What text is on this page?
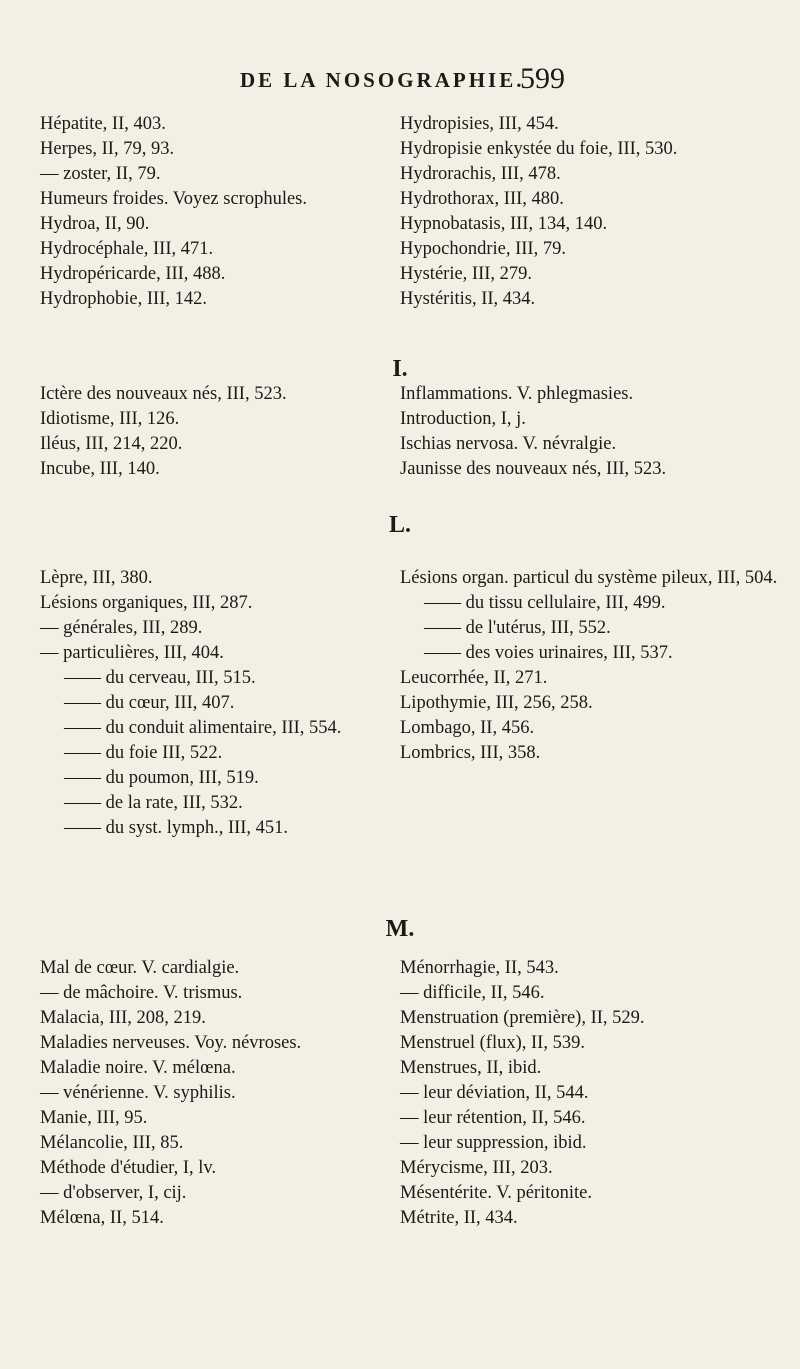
DE LA NOSOGRAPHIE.
599
Hépatite, II, 403.
Herpes, II, 79, 93.
— zoster, II, 79.
Humeurs froides. Voyez scrophules.
Hydroa, II, 90.
Hydrocéphale, III, 471.
Hydropéricarde, III, 488.
Hydrophobie, III, 142.
Hydropisies, III, 454.
Hydropisie enkystée du foie, III, 530.
Hydrorachis, III, 478.
Hydrothorax, III, 480.
Hypnobatasis, III, 134, 140.
Hypochondrie, III, 79.
Hystérie, III, 279.
Hystéritis, II, 434.
I.
Ictère des nouveaux nés, III, 523.
Idiotisme, III, 126.
Iléus, III, 214, 220.
Incube, III, 140.
Inflammations. V. phlegmasies.
Introduction, I, j.
Ischias nervosa. V. névralgie.
Jaunisse des nouveaux nés, III, 523.
L.
Lèpre, III, 380.
Lésions organiques, III, 287.
— générales, III, 289.
— particulières, III, 404.
—— du cerveau, III, 515.
—— du cœur, III, 407.
—— du conduit alimentaire, III, 554.
—— du foie III, 522.
—— du poumon, III, 519.
—— de la rate, III, 532.
—— du syst. lymph., III, 451.
Lésions organ. particul du système pileux, III, 504.
—— du tissu cellulaire, III, 499.
—— de l'utérus, III, 552.
—— des voies urinaires, III, 537.
Leucorrhée, II, 271.
Lipothymie, III, 256, 258.
Lombago, II, 456.
Lombrics, III, 358.
M.
Mal de cœur. V. cardialgie.
— de mâchoire. V. trismus.
Malacia, III, 208, 219.
Maladies nerveuses. Voy. névroses.
Maladie noire. V. mélœna.
— vénérienne. V. syphilis.
Manie, III, 95.
Mélancolie, III, 85.
Méthode d'étudier, I, lv.
— d'observer, I, cij.
Mélœna, II, 514.
Ménorrhagie, II, 543.
— difficile, II, 546.
Menstruation (première), II, 529.
Menstruel (flux), II, 539.
Menstrues, II, ibid.
— leur déviation, II, 544.
— leur rétention, II, 546.
— leur suppression, ibid.
Mérycisme, III, 203.
Mésentérite. V. péritonite.
Métrite, II, 434.
